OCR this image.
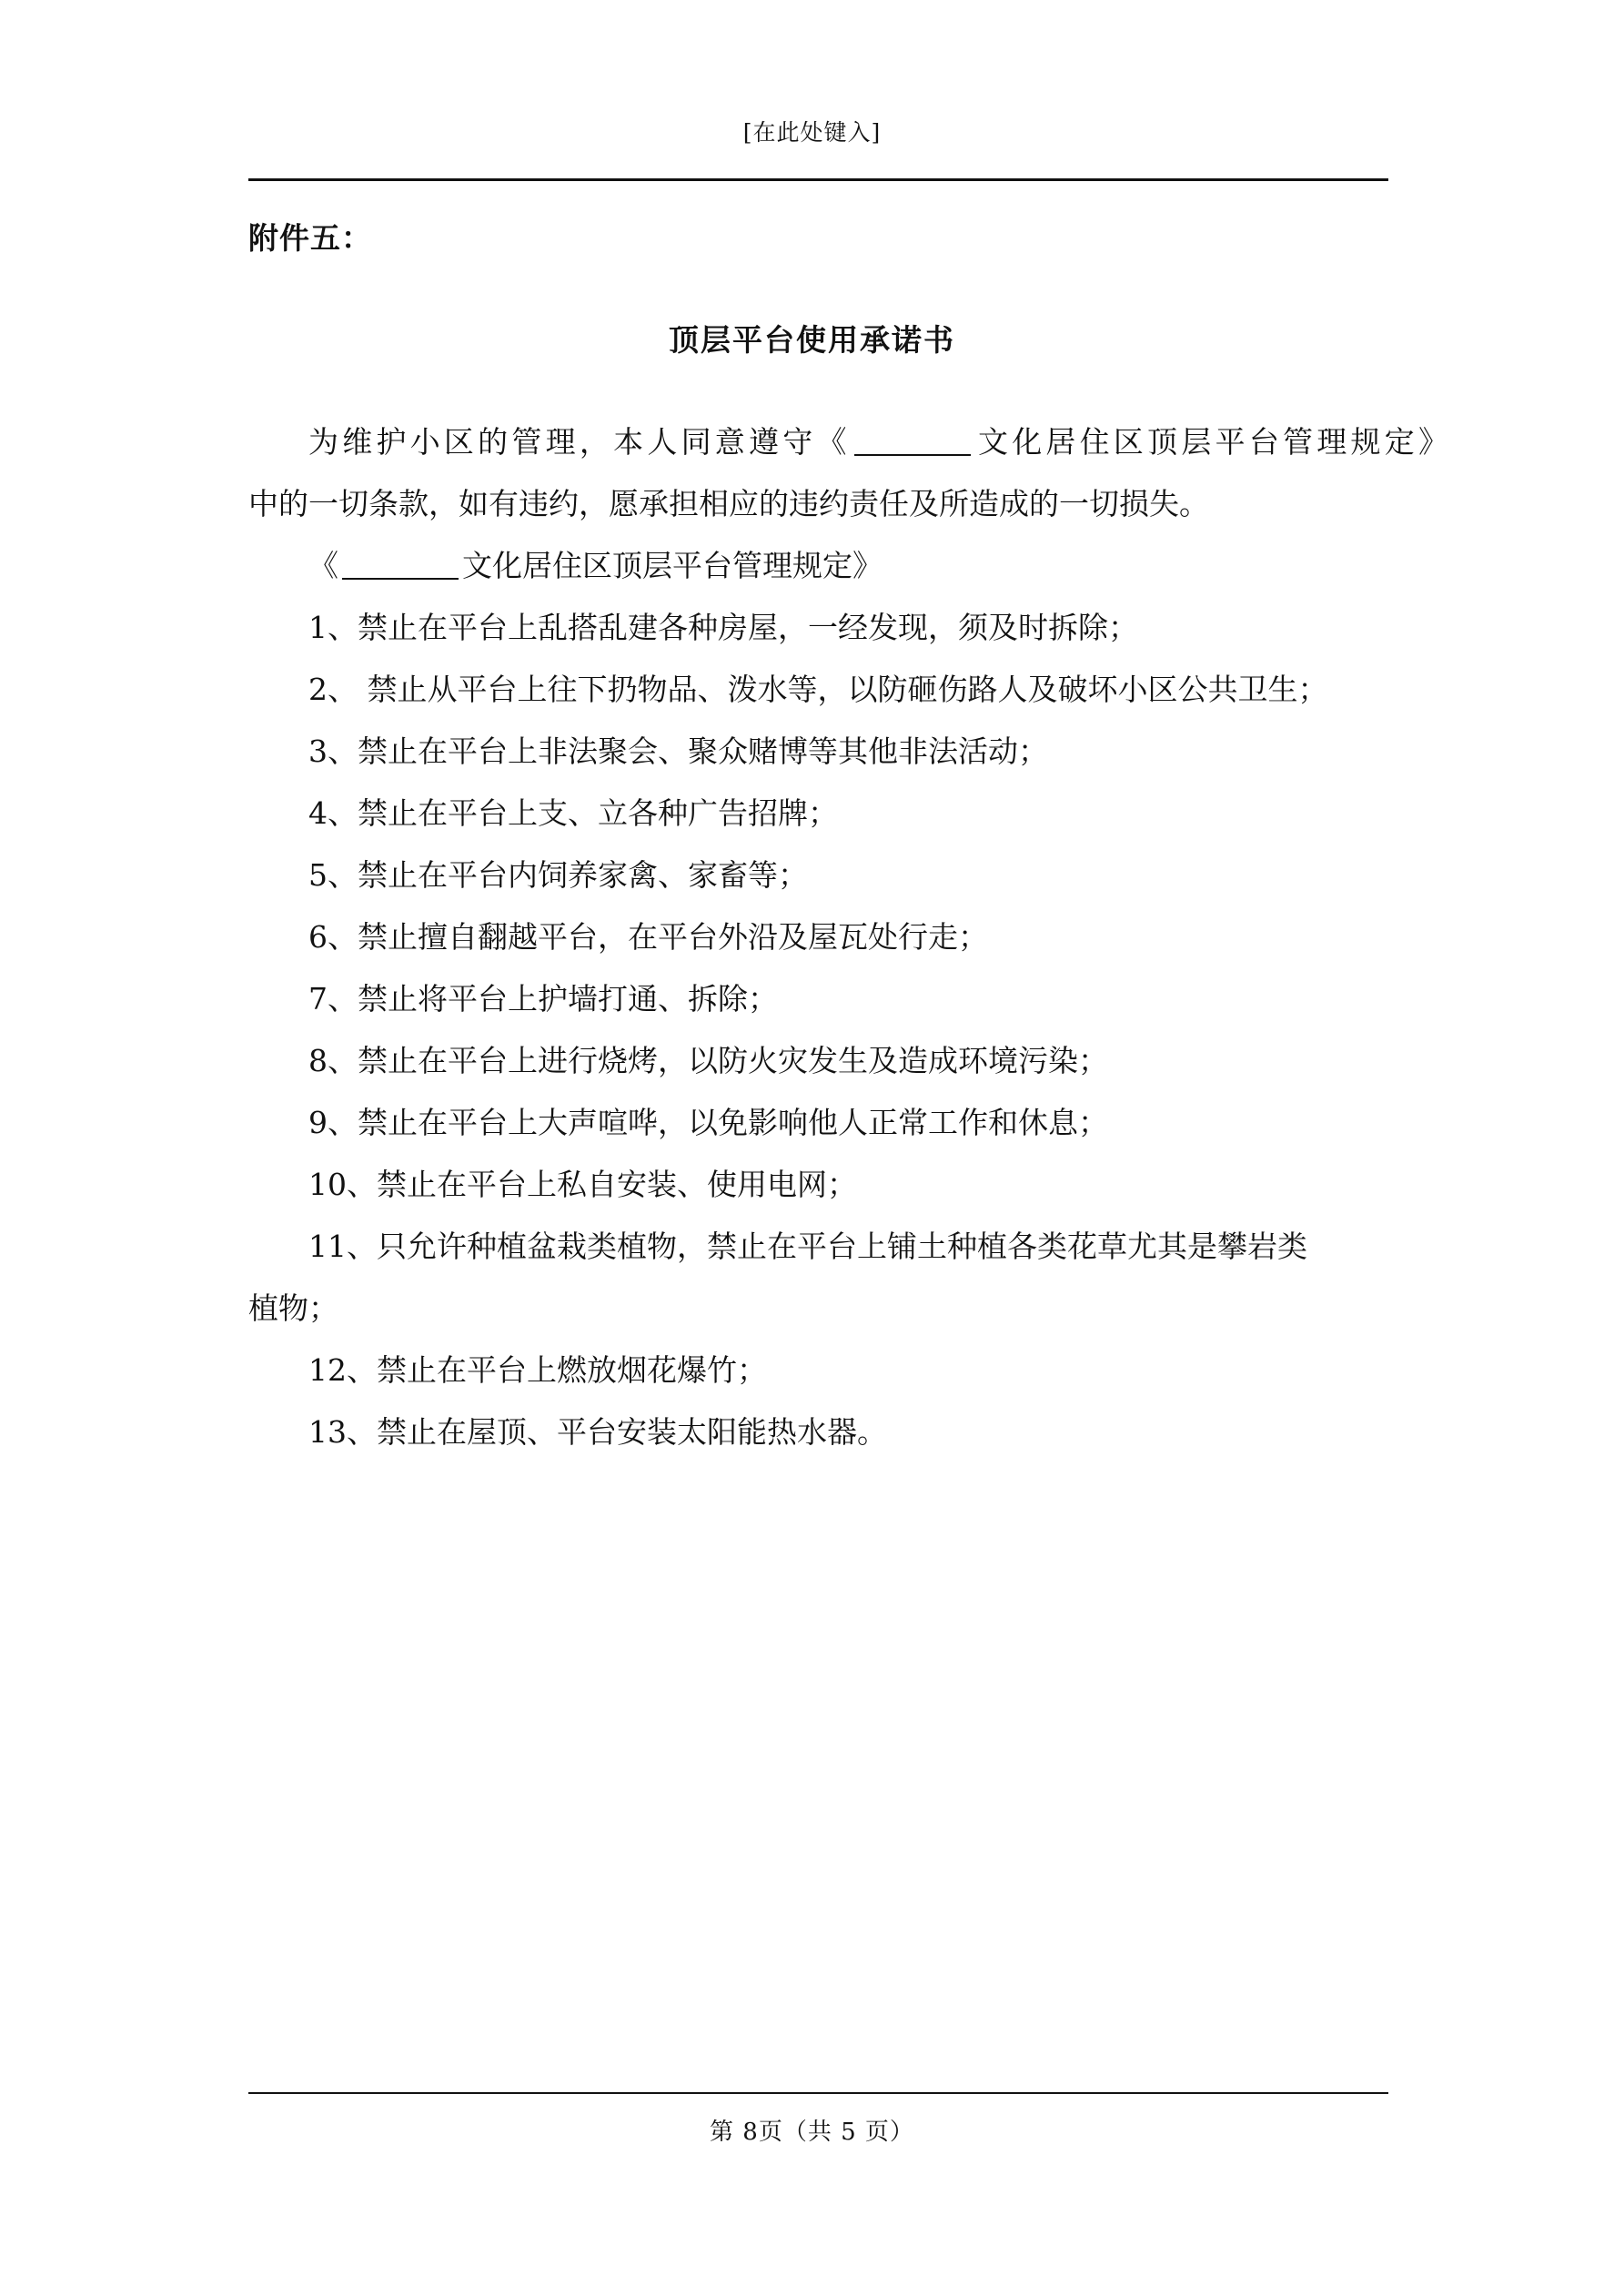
[在此处键入]
附件五：
顶层平台使用承诺书
为维护小区的管理，本人同意遵守《	文化居住区顶层平台管理规定》
中的一切条款，如有违约，愿承担相应的违约责任及所造成的一切损失。
《	文化居住区顶层平台管理规定》
1、禁止在平台上乱搭乱建各种房屋，一经发现，须及时拆除；
2、 禁止从平台上往下扔物品、泼水等，以防砸伤路人及破坏小区公共卫生；
3、禁止在平台上非法聚会、聚众赌博等其他非法活动；
4、禁止在平台上支、立各种广告招牌；
5、禁止在平台内饲养家禽、家畜等；
6、禁止擅自翻越平台，在平台外沿及屋瓦处行走；
7、禁止将平台上护墙打通、拆除；
8、禁止在平台上进行烧烤，以防火灾发生及造成环境污染；
9、禁止在平台上大声喧哗，以免影响他人正常工作和休息；
10、禁止在平台上私自安装、使用电网；
11、只允许种植盆栽类植物，禁止在平台上铺土种植各类花草尤其是攀岩类
植物；
12、禁止在平台上燃放烟花爆竹；
13、禁止在屋顶、平台安装太阳能热水器。
第 8页（共 5 页）
